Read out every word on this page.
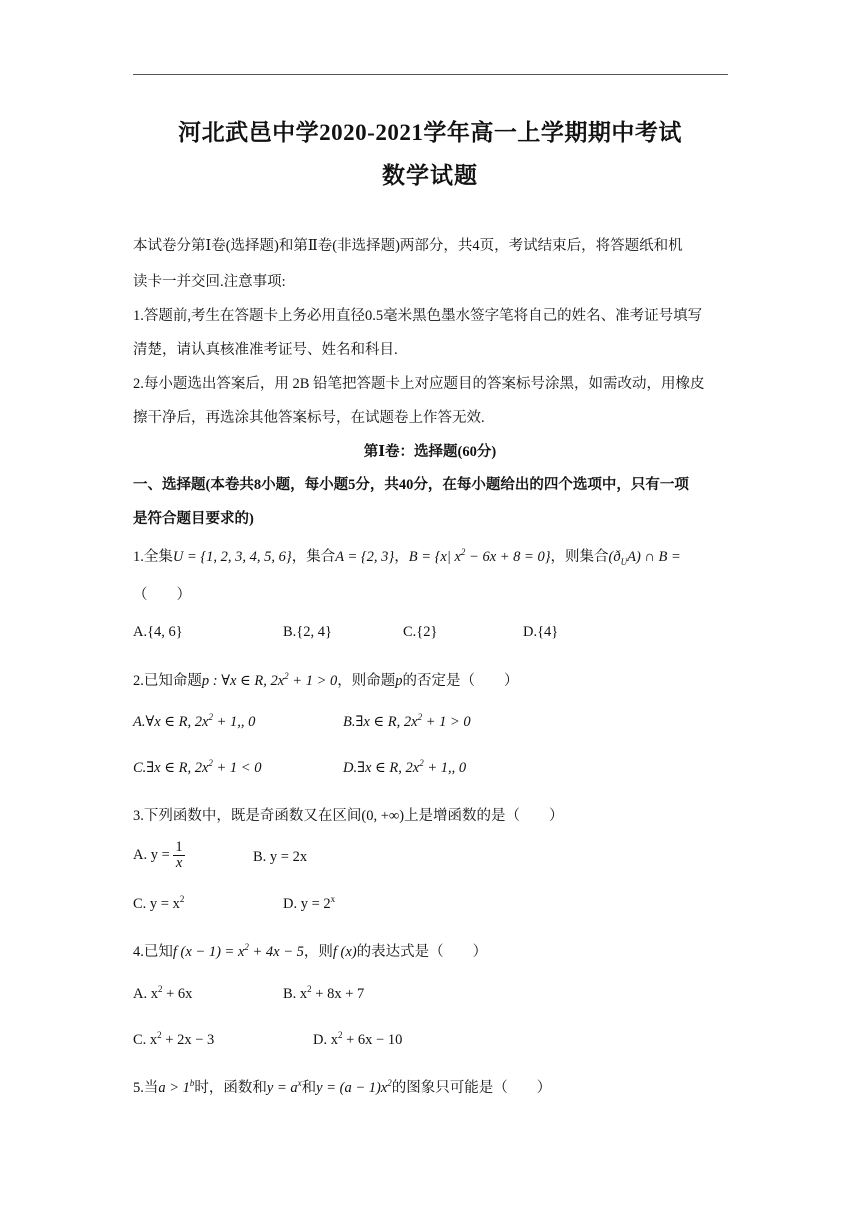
河北武邑中学2020-2021学年高一上学期期中考试
数学试题
本试卷分第Ⅰ卷(选择题)和第Ⅱ卷(非选择题)两部分，共4页，考试结束后，将答题纸和机
读卡一并交回.注意事项:
1.答题前,考生在答题卡上务必用直径0.5毫米黑色墨水签字笔将自己的姓名、准考证号填写
清楚，请认真核准准考证号、姓名和科目.
2.每小题选出答案后，用 2B 铅笔把答题卡上对应题目的答案标号涂黑，如需改动，用橡皮
擦干净后，再选涂其他答案标号，在试题卷上作答无效.
第Ⅰ卷：选择题(60分)
一、选择题(本卷共8小题，每小题5分，共40分，在每小题给出的四个选项中，只有一项
是符合题目要求的)
1.全集U = {1, 2, 3, 4, 5, 6}，集合A = {2, 3}，B = {x| $x^2 - 6x + 8 = 0$}，则集合$(ð_UA)$ ∩ B =
（　　）
A.{4, 6}	B.{2, 4}	C.{2}	D.{4}
2.已知命题p : ∀x ∈ R, $2x^2 + 1 > 0$，则命题p的否定是（　　）
A.∀x ∈ R, $2x^2 + 1$,, 0	B.∃x ∈ R, $2x^2 + 1 > 0$
C.∃x ∈ R, $2x^2 + 1 < 0$	D.∃x ∈ R, $2x^2 + 1$,, 0
3.下列函数中，既是奇函数又在区间(0, +∞)上是增函数的是（　　）
A. $y = \frac{1}{x}$	B. y = 2x
C. $y = x^2$	D. $y = 2^x$
4.已知f $(x - 1) = x^2 + 4x - 5$，则f (x)的表达式是（　　）
A. $x^2 + 6x$	B. $x^2 + 8x + 7$
C. $x^2 + 2x - 3$	D. $x^2 + 6x - 10$
5.当$a > 1^b$时，函数和$y = a^x$和$y = (a - 1)x^2$的图象只可能是（　　）
